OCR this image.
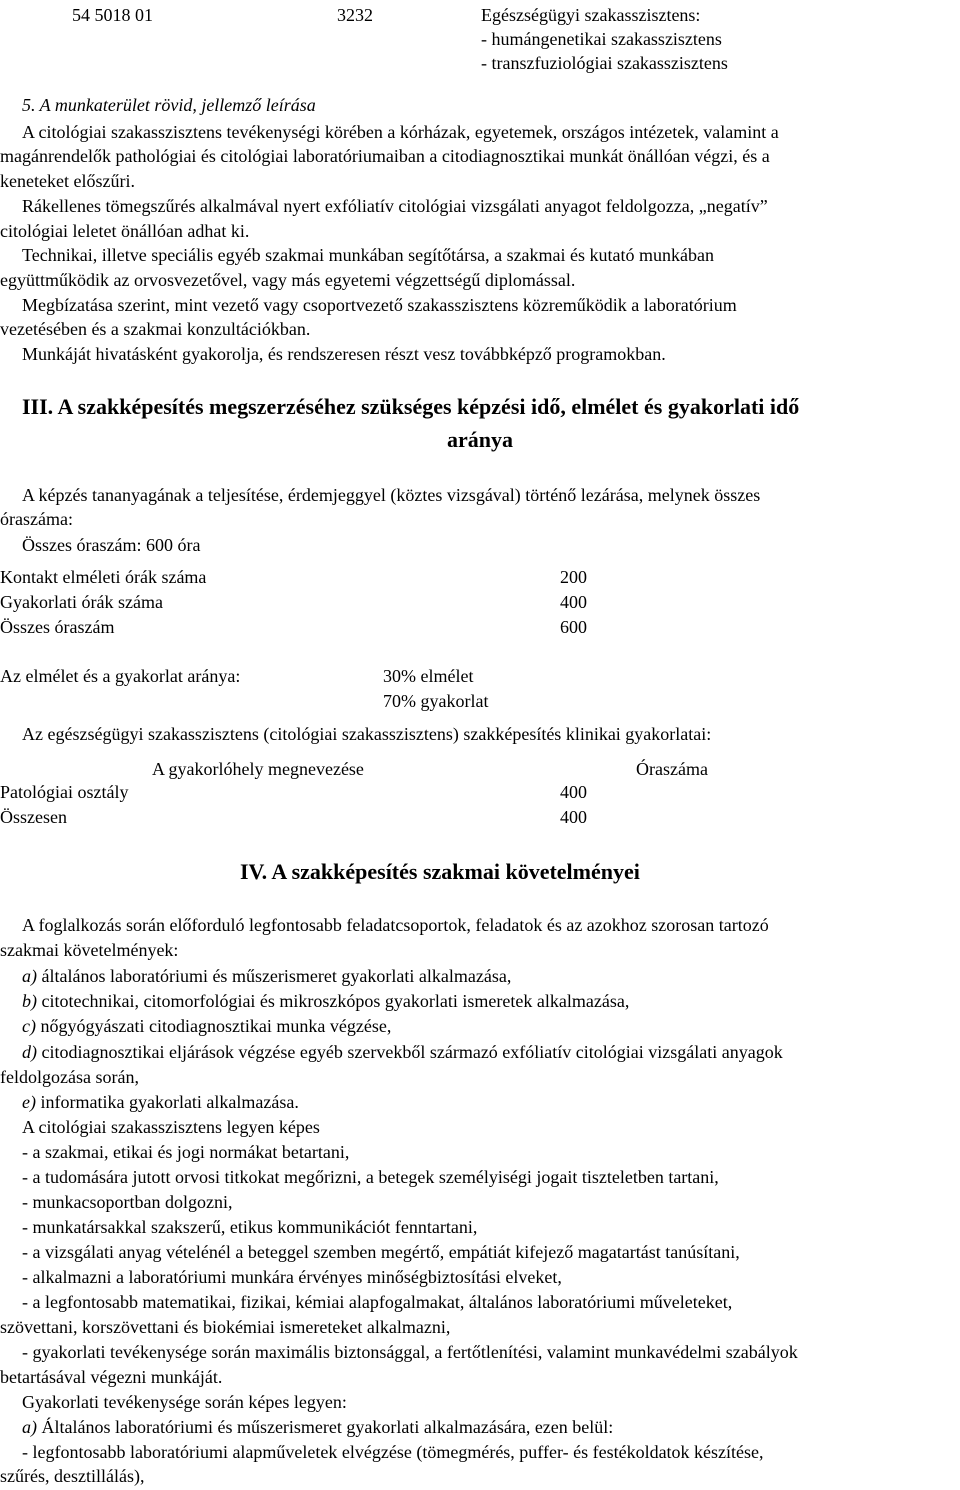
54 5018 01	3232	Egészségügyi szakasszisztens:
- humángenetikai szakasszisztens
- transzfuziológiai szakasszisztens
5. A munkaterület rövid, jellemző leírása
A citológiai szakasszisztens tevékenységi körében a kórházak, egyetemek, országos intézetek, valamint a
magánrendelők pathológiai és citológiai laboratóriumaiban a citodiagnosztikai munkát önállóan végzi, és a
keneteket előszűri.
Rákellenes tömegszűrés alkalmával nyert exfóliatív citológiai vizsgálati anyagot feldolgozza, „negatív”
citológiai leletet önállóan adhat ki.
Technikai, illetve speciális egyéb szakmai munkában segítőtársa, a szakmai és kutató munkában
együttműködik az orvosvezetővel, vagy más egyetemi végzettségű diplomással.
Megbízatása szerint, mint vezető vagy csoportvezető szakasszisztens közreműködik a laboratórium
vezetésében és a szakmai konzultációkban.
Munkáját hivatásként gyakorolja, és rendszeresen részt vesz továbbképző programokban.
III. A szakképesítés megszerzéséhez szükséges képzési idő, elmélet és gyakorlati idő
aránya
A képzés tananyagának a teljesítése, érdemjeggyel (köztes vizsgával) történő lezárása, melynek összes
óraszáma:
Összes óraszám: 600 óra
Kontakt elméleti órák száma	200
Gyakorlati órák száma	400
Összes óraszám	600
Az elmélet és a gyakorlat aránya:	30% elmélet
70% gyakorlat
Az egészségügyi szakasszisztens (citológiai szakasszisztens) szakképesítés klinikai gyakorlatai:
A gyakorlóhely megnevezése	Óraszáma
Patológiai osztály	400
Összesen	400
IV. A szakképesítés szakmai követelményei
A foglalkozás során előforduló legfontosabb feladatcsoportok, feladatok és az azokhoz szorosan tartozó
szakmai követelmények:
a) általános laboratóriumi és műszerismeret gyakorlati alkalmazása,
b) citotechnikai, citomorfológiai és mikroszkópos gyakorlati ismeretek alkalmazása,
c) nőgyógyászati citodiagnosztikai munka végzése,
d) citodiagnosztikai eljárások végzése egyéb szervekből származó exfóliatív citológiai vizsgálati anyagok
feldolgozása során,
e) informatika gyakorlati alkalmazása.
A citológiai szakasszisztens legyen képes
- a szakmai, etikai és jogi normákat betartani,
- a tudomására jutott orvosi titkokat megőrizni, a betegek személyiségi jogait tiszteletben tartani,
- munkacsoportban dolgozni,
- munkatársakkal szakszerű, etikus kommunikációt fenntartani,
- a vizsgálati anyag vételénél a beteggel szemben megértő, empátiát kifejező magatartást tanúsítani,
- alkalmazni a laboratóriumi munkára érvényes minőségbiztosítási elveket,
- a legfontosabb matematikai, fizikai, kémiai alapfogalmakat, általános laboratóriumi műveleteket,
szövettani, korszövettani és biokémiai ismereteket alkalmazni,
- gyakorlati tevékenysége során maximális biztonsággal, a fertőtlenítési, valamint munkavédelmi szabályok
betartásával végezni munkáját.
Gyakorlati tevékenysége során képes legyen:
a) Általános laboratóriumi és műszerismeret gyakorlati alkalmazására, ezen belül:
- legfontosabb laboratóriumi alapműveletek elvégzése (tömegmérés, puffer- és festékoldatok készítése,
szűrés, desztillálás),
